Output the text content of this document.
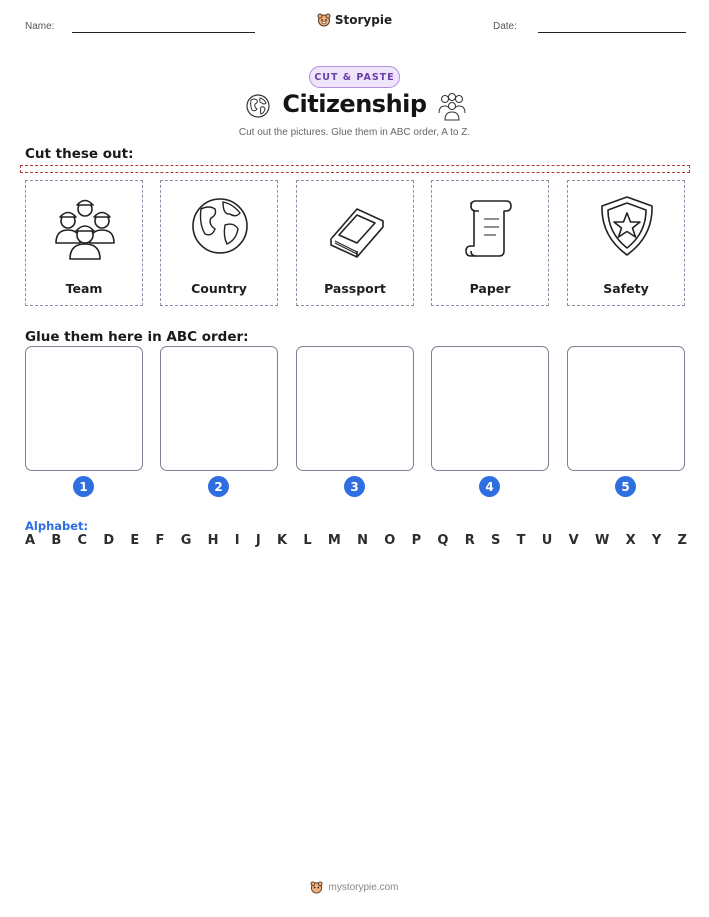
Name:	Storypie	Date:
CUT & PASTE
Citizenship
Cut out the pictures. Glue them in ABC order, A to Z.
Cut these out:
Team	Country	Passport	Paper	Safety
Glue them here in ABC order:
1	2	3	4	5
Alphabet:
A B C D E F G H I J K L M N O P Q R S T U V W X Y Z
mystorypie.com
